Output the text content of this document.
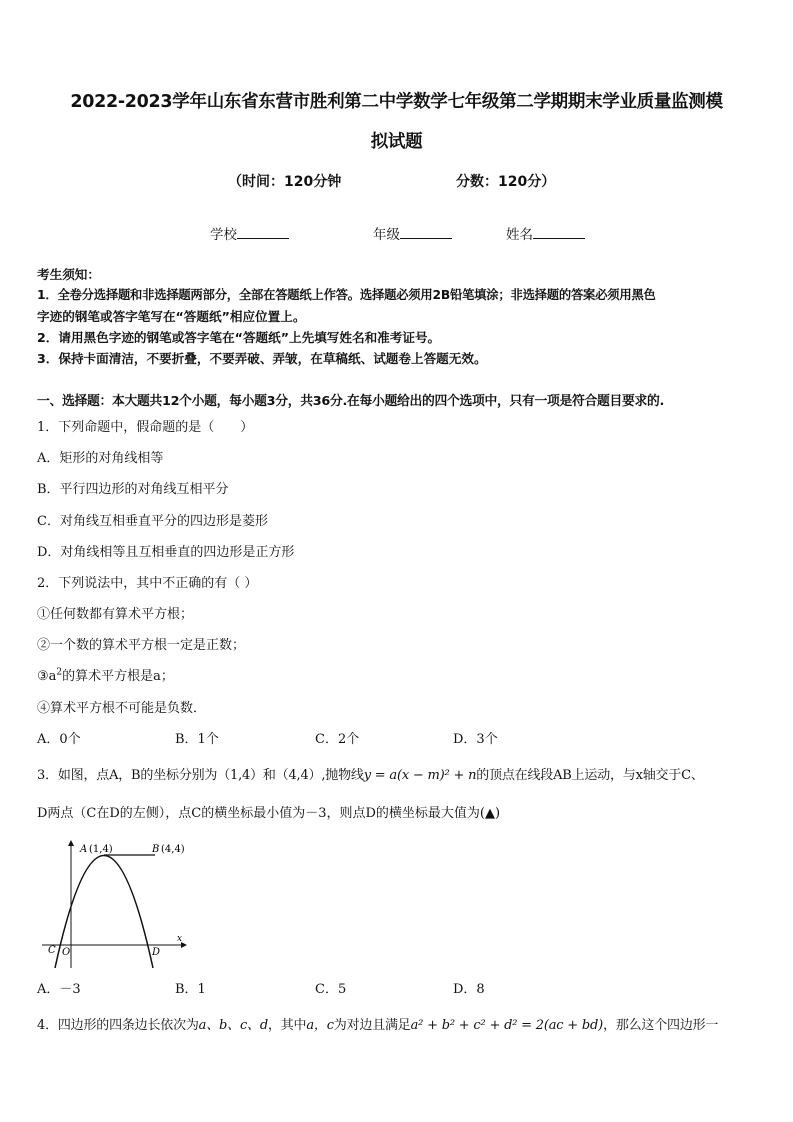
2022-2023学年山东省东营市胜利第二中学数学七年级第二学期期末学业质量监测模
拟试题
（时间：120分钟	分数：120分）
学校	年级	姓名
考生须知：
1．全卷分选择题和非选择题两部分，全部在答题纸上作答。选择题必须用2B铅笔填涂；非选择题的答案必须用黑色
字迹的钢笔或答字笔写在“答题纸”相应位置上。
2．请用黑色字迹的钢笔或答字笔在“答题纸”上先填写姓名和准考证号。
3．保持卡面清洁，不要折叠，不要弄破、弄皱，在草稿纸、试题卷上答题无效。
一、选择题：本大题共12个小题，每小题3分，共36分.在每小题给出的四个选项中，只有一项是符合题目要求的.
1．下列命题中，假命题的是（　　）
A．矩形的对角线相等
B．平行四边形的对角线互相平分
C．对角线互相垂直平分的四边形是菱形
D．对角线相等且互相垂直的四边形是正方形
2．下列说法中，其中不正确的有（ ）
①任何数都有算术平方根；
②一个数的算术平方根一定是正数；
$③a^2$的算术平方根是a；
④算术平方根不可能是负数．
A．0个	B．1个	C．2个	D．3个
3．如图，点A，B的坐标分别为（1,4）和（4,4）,抛物线y = a(x − m)² + n的顶点在线段AB上运动，与x轴交于C、
D两点（C在D的左侧），点C的横坐标最小值为－3，则点D的横坐标最大值为(▲)
A (1,4)	B (4,4)
C O	D
x
A．－3	B．1	C．5	D．8
4．四边形的四条边长依次为a、b、c、d，其中a，c为对边且满足a² + b² + c² + d² = 2(ac + bd)，那么这个四边形一
